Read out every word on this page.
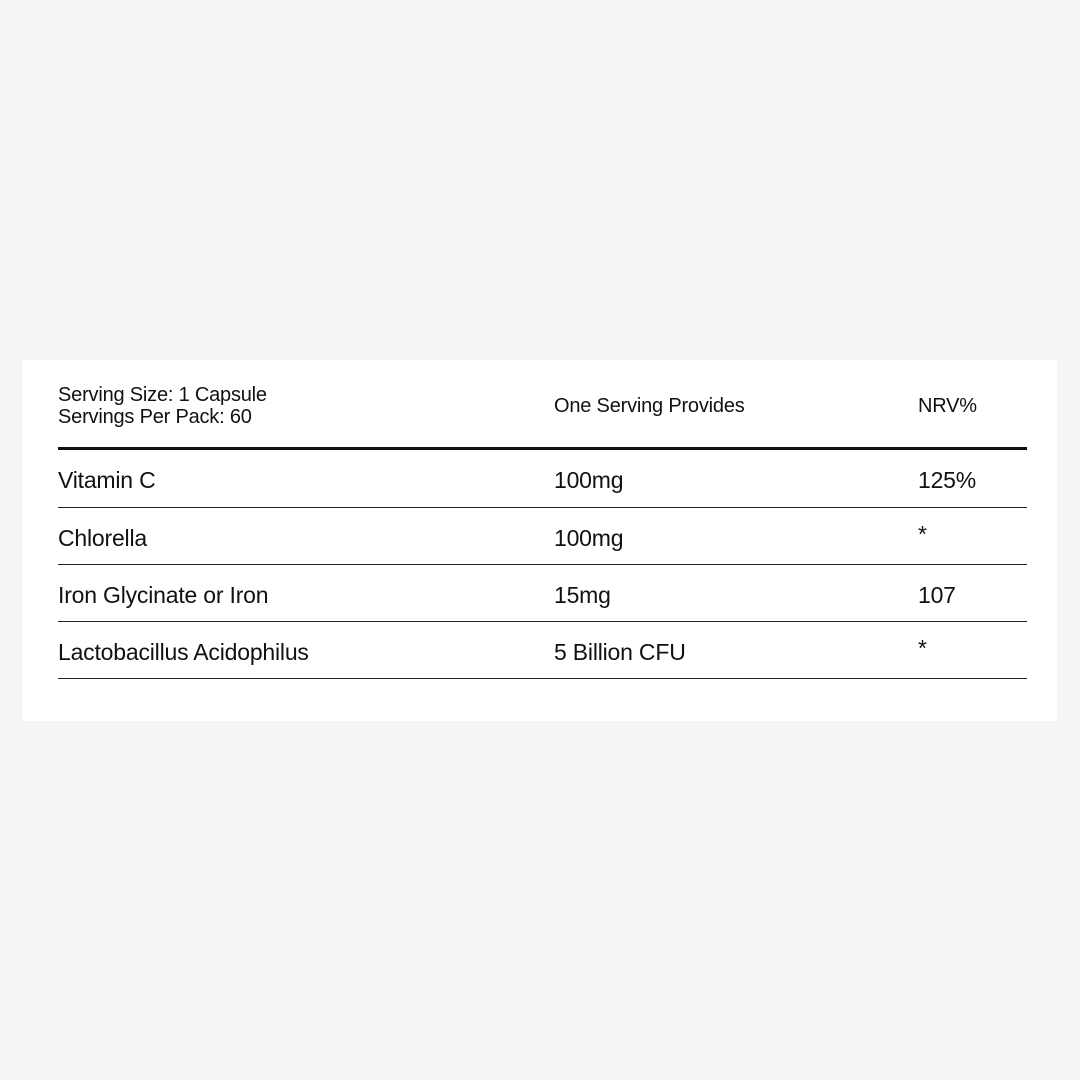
Serving Size: 1 Capsule
Servings Per Pack: 60	One Serving Provides	NRV%
Vitamin C	100mg	125%
Chlorella	100mg	*
Iron Glycinate or Iron	15mg	107
Lactobacillus Acidophilus	5 Billion CFU	*
